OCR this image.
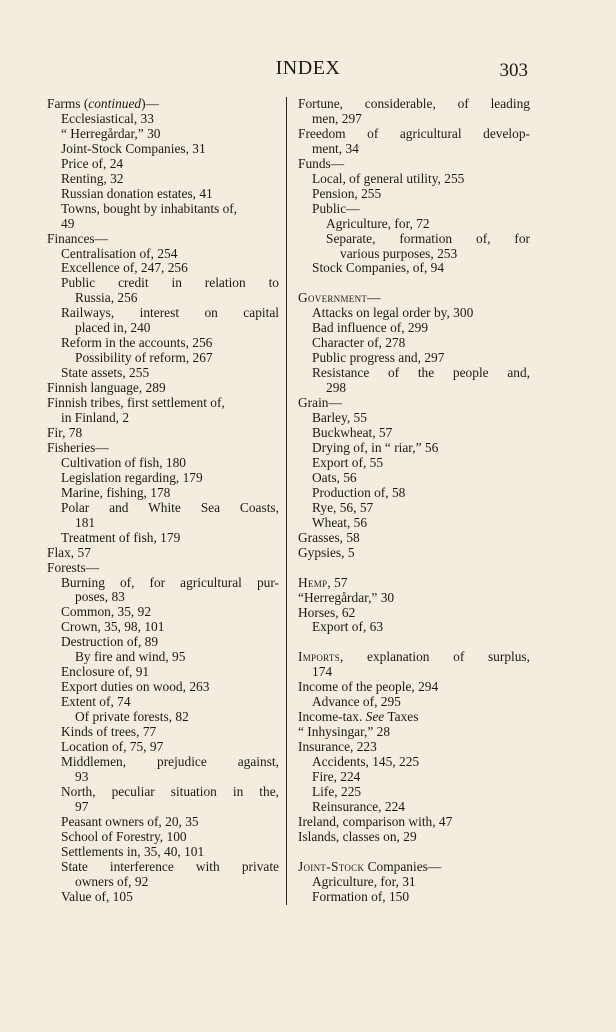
INDEX	303
Farms (continued)—
Ecclesiastical, 33
“ Herregårdar,” 30
Joint-Stock Companies, 31
Price of, 24
Renting, 32
Russian donation estates, 41
Towns, bought by inhabitants of,
49
Finances—
Centralisation of, 254
Excellence of, 247, 256
Public credit in relation to
Russia, 256
Railways, interest on capital
placed in, 240
Reform in the accounts, 256
Possibility of reform, 267
State assets, 255
Finnish language, 289
Finnish tribes, first settlement of,
in Finland, 2
Fir, 78
Fisheries—
Cultivation of fish, 180
Legislation regarding, 179
Marine, fishing, 178
Polar and White Sea Coasts,
181
Treatment of fish, 179
Flax, 57
Forests—
Burning of, for agricultural pur-
poses, 83
Common, 35, 92
Crown, 35, 98, 101
Destruction of, 89
By fire and wind, 95
Enclosure of, 91
Export duties on wood, 263
Extent of, 74
Of private forests, 82
Kinds of trees, 77
Location of, 75, 97
Middlemen, prejudice against,
93
North, peculiar situation in the,
97
Peasant owners of, 20, 35
School of Forestry, 100
Settlements in, 35, 40, 101
State interference with private
owners of, 92
Value of, 105
Fortune, considerable, of leading
men, 297
Freedom of agricultural develop-
ment, 34
Funds—
Local, of general utility, 255
Pension, 255
Public—
Agriculture, for, 72
Separate, formation of, for
various purposes, 253
Stock Companies, of, 94
Government—
Attacks on legal order by, 300
Bad influence of, 299
Character of, 278
Public progress and, 297
Resistance of the people and,
298
Grain—
Barley, 55
Buckwheat, 57
Drying of, in “ riar,” 56
Export of, 55
Oats, 56
Production of, 58
Rye, 56, 57
Wheat, 56
Grasses, 58
Gypsies, 5
Hemp, 57
“Herregårdar,” 30
Horses, 62
Export of, 63
Imports, explanation of surplus,
174
Income of the people, 294
Advance of, 295
Income-tax. See Taxes
“ Inhysingar,” 28
Insurance, 223
Accidents, 145, 225
Fire, 224
Life, 225
Reinsurance, 224
Ireland, comparison with, 47
Islands, classes on, 29
Joint-Stock Companies—
Agriculture, for, 31
Formation of, 150
